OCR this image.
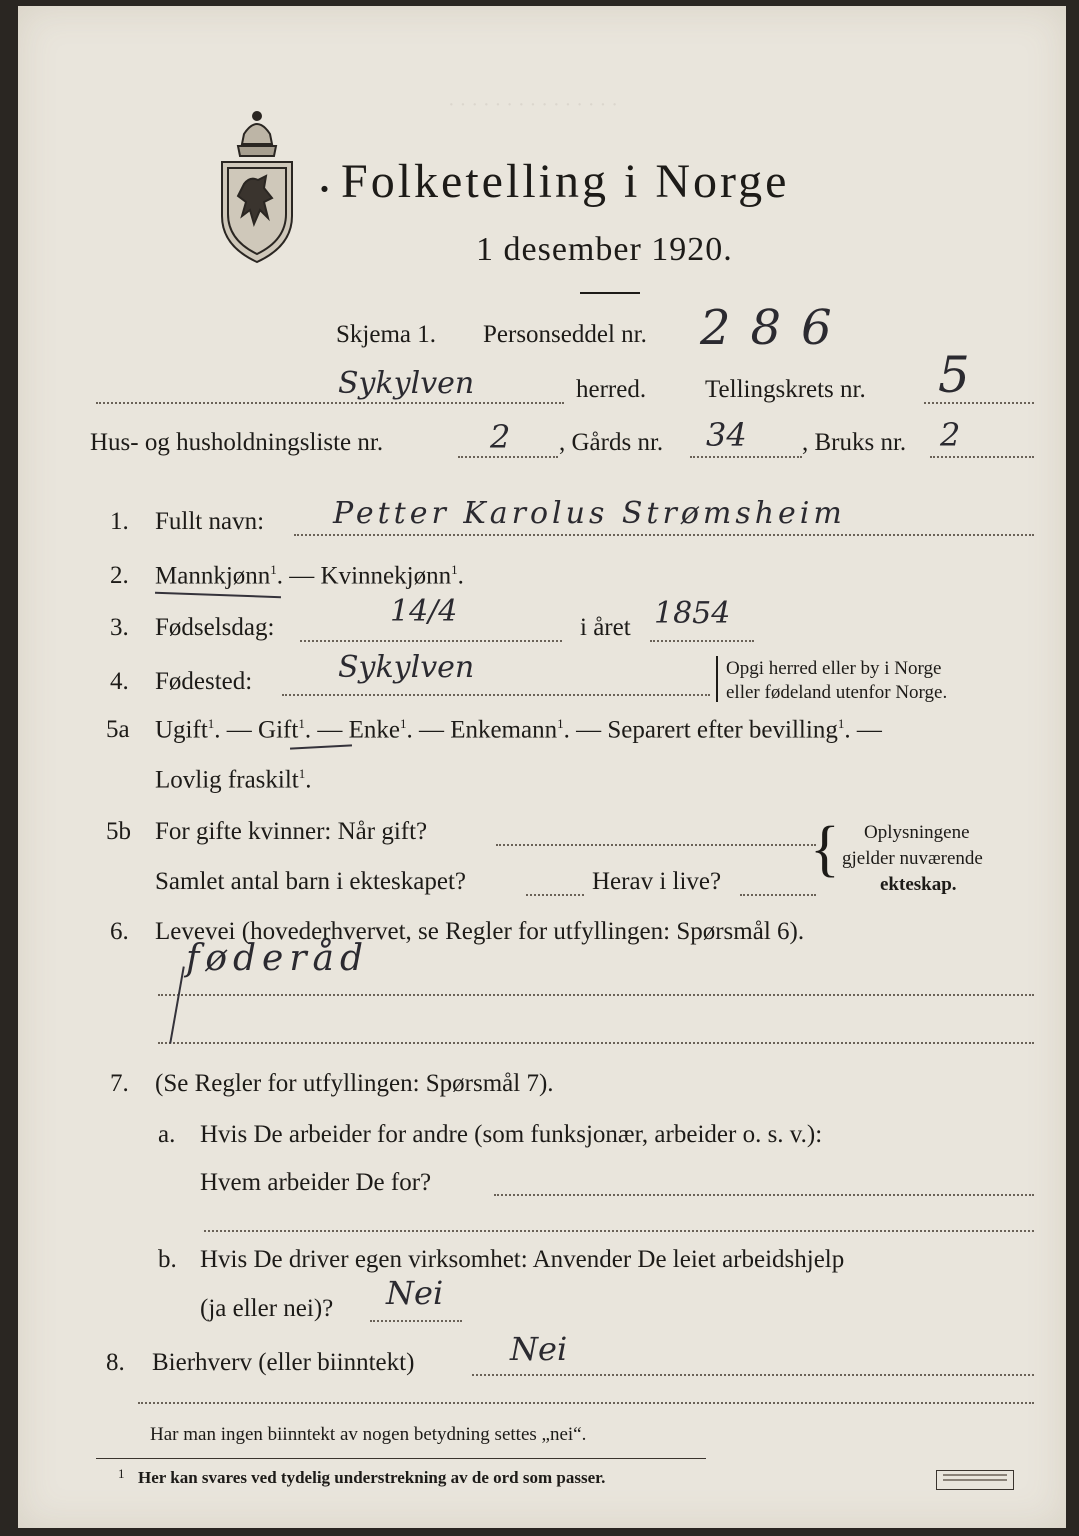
· · · · · · · · · · · · · · ·
Folketelling i Norge
●
1 desember 1920.
Skjema 1. Personseddel nr. 286
Sykylven	herred. Tellingskrets nr. 5
Hus- og husholdningsliste nr.	2 , Gårds nr. 34 , Bruks nr. 2
1. Fullt navn: Petter Karolus Strømsheim
2. Mannkjønn$^1$. — Kvinnekjønn$^1$.
3. Fødselsdag:	14/4	i året 1854
4. Fødested:	Sykylven	Opgi herred eller by i Norge
eller fødeland utenfor Norge.
5a Ugift$^1$. — Gift$^1$. — Enke$^1$. — Enkemann$^1$. — Separert efter bevilling$^1$. —
Lovlig fraskilt$^1$.
5b For gifte kvinner: Når gift?
Samlet antal barn i ekteskapet?	Herav i live? { Oplysningene
gjelder nuværende
ekteskap.
6. Levevei (hovederhvervet, se Regler for utfyllingen: Spørsmål 6).
føderåd
7. (Se Regler for utfyllingen: Spørsmål 7).
a. Hvis De arbeider for andre (som funksjonær, arbeider o. s. v.):
Hvem arbeider De for?
b. Hvis De driver egen virksomhet: Anvender De leiet arbeidshjelp
(ja eller nei)? Nei
8. Bierhverv (eller biinntekt)	Nei
Har man ingen biinntekt av nogen betydning settes „nei“.
1 Her kan svares ved tydelig understrekning av de ord som passer.
